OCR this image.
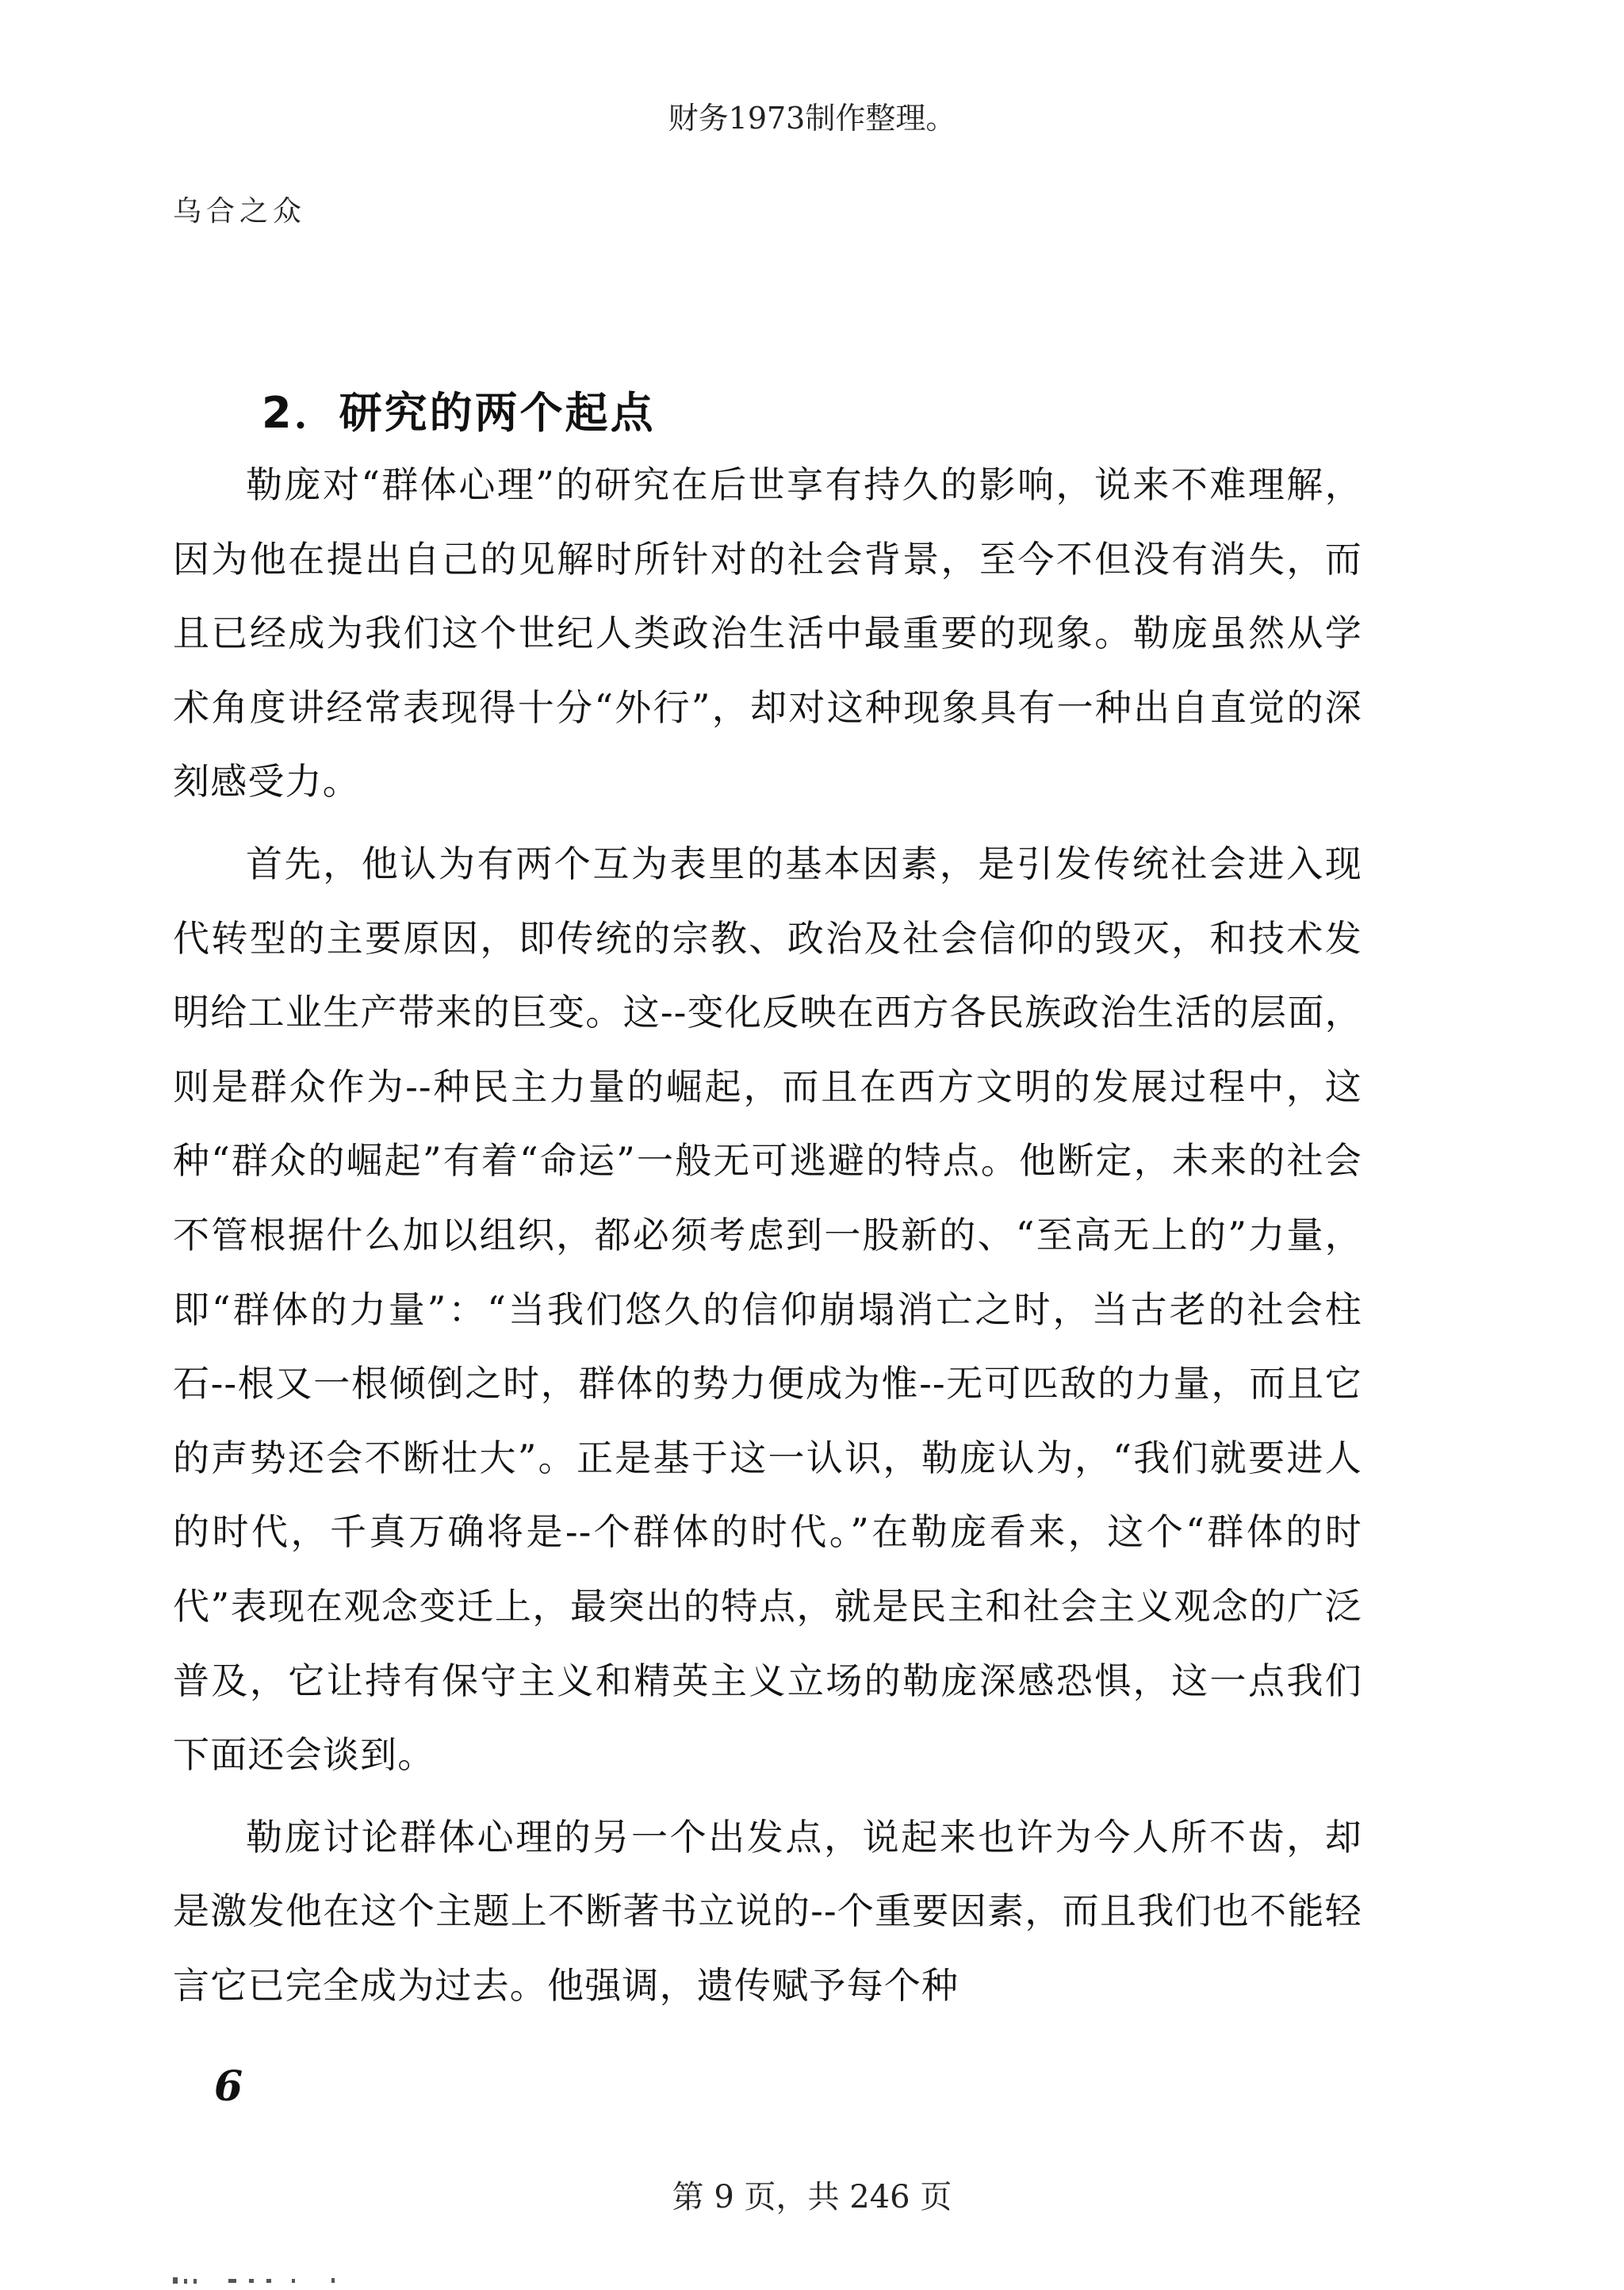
财务1973制作整理。
乌合之众
2．研究的两个起点

勒庞对“群体心理”的研究在后世享有持久的影响，说来不难理解，因为他在提出自己的见解时所针对的社会背景，至今不但没有消失，而且已经成为我们这个世纪人类政治生活中最重要的现象。勒庞虽然从学术角度讲经常表现得十分“外行”，却对这种现象具有一种出自直觉的深刻感受力。

首先，他认为有两个互为表里的基本因素，是引发传统社会进入现代转型的主要原因，即传统的宗教、政治及社会信仰的毁灭，和技术发明给工业生产带来的巨变。这--变化反映在西方各民族政治生活的层面，则是群众作为--种民主力量的崛起，而且在西方文明的发展过程中，这种“群众的崛起”有着“命运”一般无可逃避的特点。他断定，未来的社会不管根据什么加以组织，都必须考虑到一股新的、“至高无上的”力量，即“群体的力量”：“当我们悠久的信仰崩塌消亡之时，当古老的社会柱石--根又一根倾倒之时，群体的势力便成为惟--无可匹敌的力量，而且它的声势还会不断壮大”。正是基于这一认识，勒庞认为，“我们就要进人的时代，千真万确将是--个群体的时代。”在勒庞看来，这个“群体的时代”表现在观念变迁上，最突出的特点，就是民主和社会主义观念的广泛普及，它让持有保守主义和精英主义立场的勒庞深感恐惧，这一点我们下面还会谈到。

勒庞讨论群体心理的另一个出发点，说起来也许为今人所不齿，却是激发他在这个主题上不断著书立说的--个重要因素，而且我们也不能轻言它已完全成为过去。他强调，遗传赋予每个种

6
第 9 页，共 246 页
